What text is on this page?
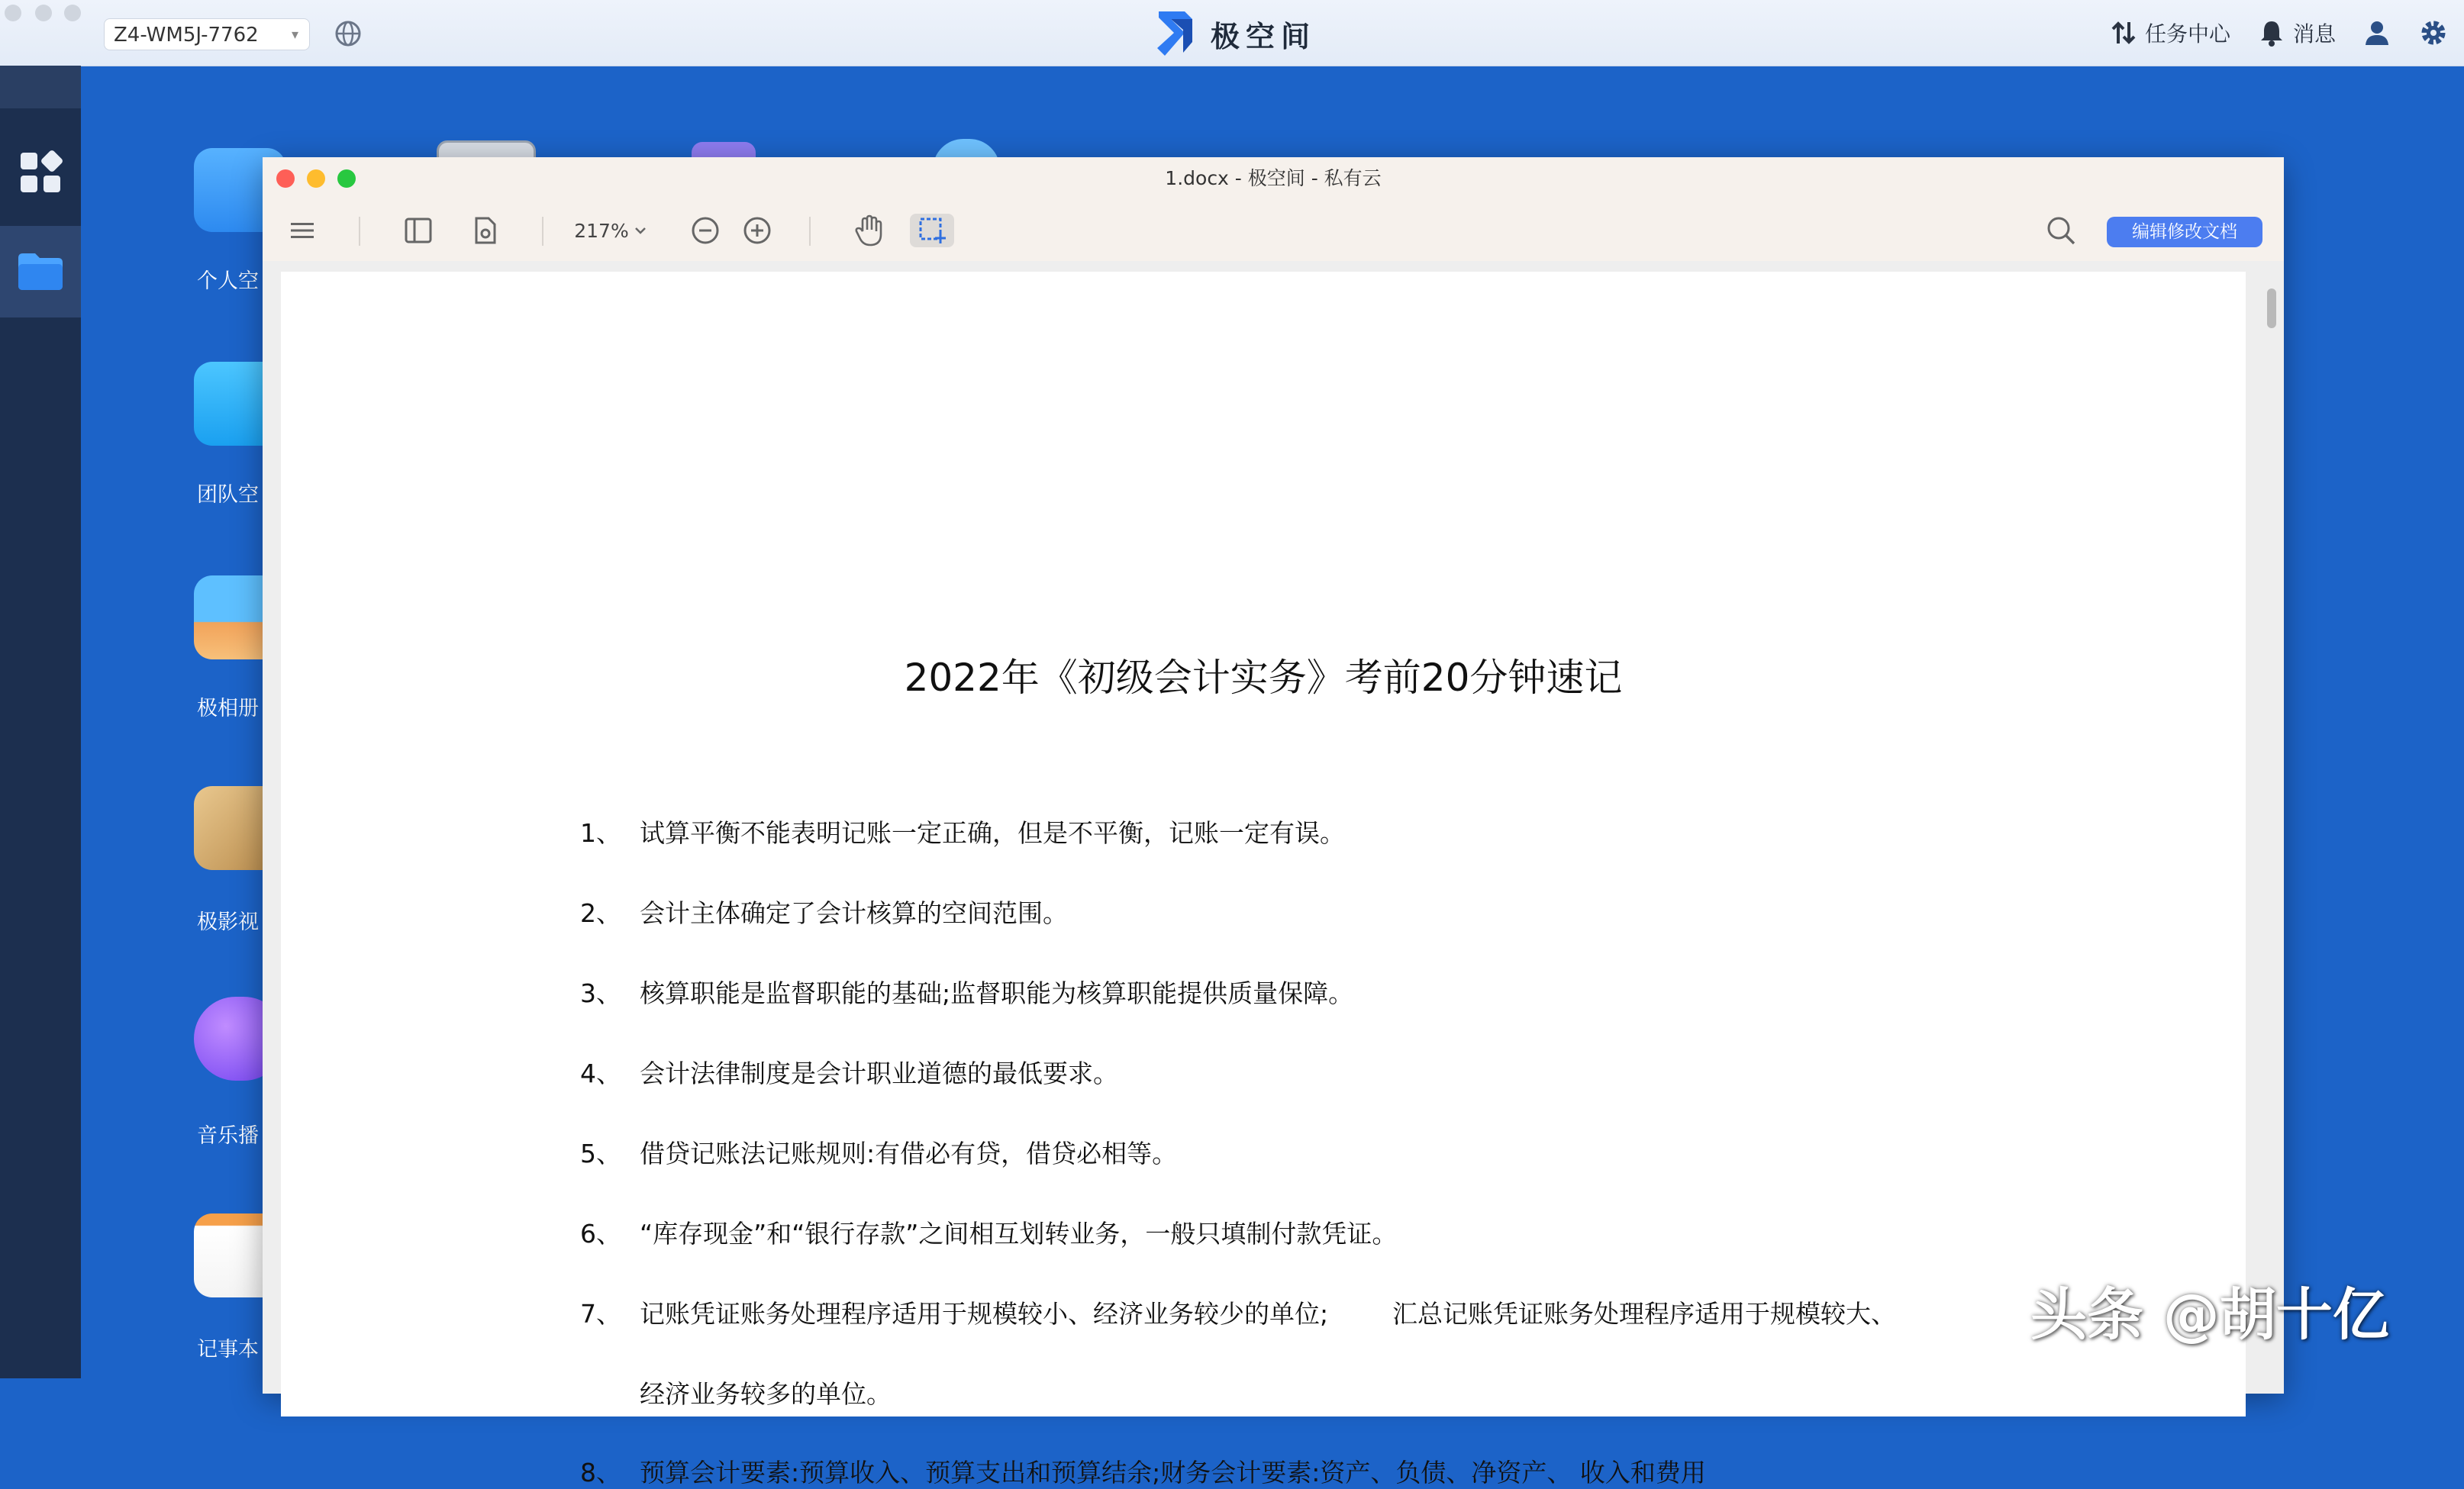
Z4-WM5J-7762 ▾	极空间	任务中心	消息
个人空
团队空
极相册
极影视
音乐播
记事本
1.docx - 极空间 - 私有云
217%	编辑修改文档
2022年《初级会计实务》考前20分钟速记
1、 试算平衡不能表明记账一定正确，但是不平衡，记账一定有误。
2、 会计主体确定了会计核算的空间范围。
3、 核算职能是监督职能的基础;监督职能为核算职能提供质量保障。
4、 会计法律制度是会计职业道德的最低要求。
5、 借贷记账法记账规则:有借必有贷，借贷必相等。
6、 “库存现金”和“银行存款”之间相互划转业务，一般只填制付款凭证。
7、 记账凭证账务处理程序适用于规模较小、经济业务较少的单位;        汇总记账凭证账务处理程序适用于规模较大、
经济业务较多的单位。
8、 预算会计要素:预算收入、预算支出和预算结余;财务会计要素:资产、负债、净资产、 收入和费用
头条 @胡十亿
